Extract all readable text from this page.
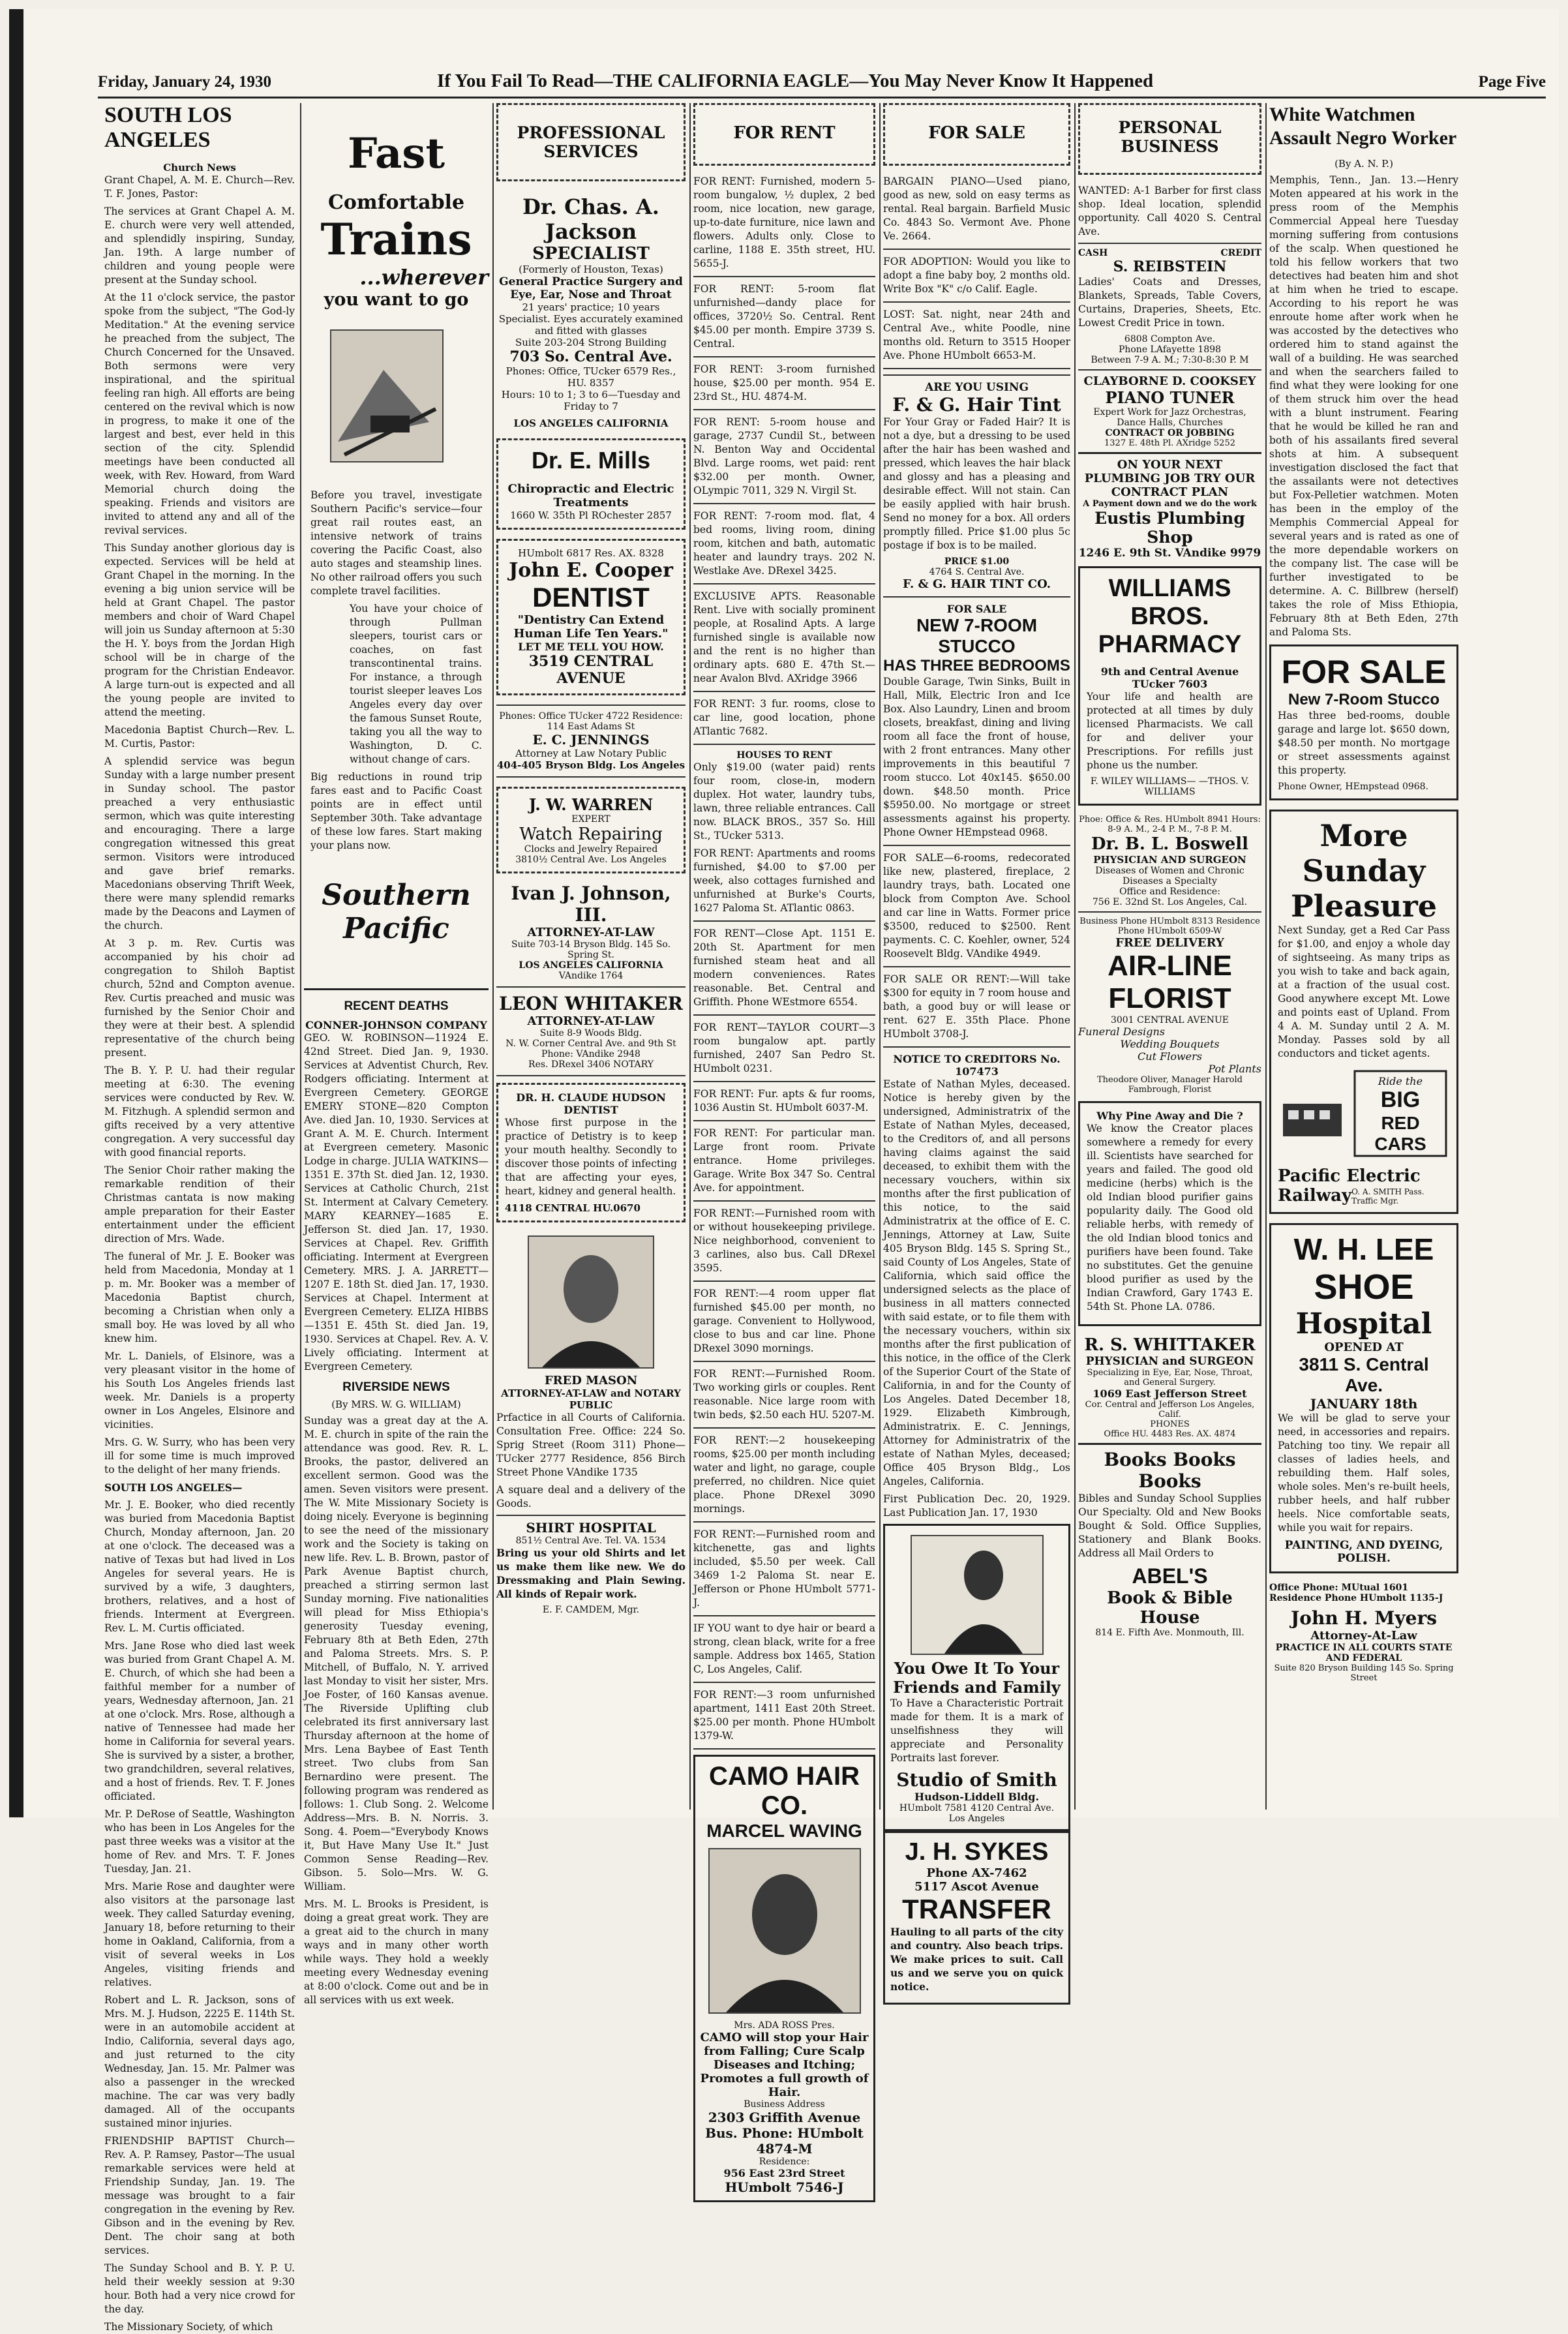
Friday, January 24, 1930	If You Fail To Read—THE CALIFORNIA EAGLE—You May Never Know It Happened	Page Five
SOUTH LOS ANGELES
Church News

Grant Chapel, A. M. E. Church—Rev. T. F. Jones, Pastor:

The services at Grant Chapel A. M. E. church were very well attended, and splendidly inspiring, Sunday, Jan. 19th. A large number of children and young people were present at the Sunday school.

At the 11 o'clock service, the pastor spoke from the subject, "The God-ly Meditation." At the evening service he preached from the subject, The Church Concerned for the Unsaved. Both sermons were very inspirational, and the spiritual feeling ran high. All efforts are being centered on the revival which is now in progress, to make it one of the largest and best, ever held in this section of the city. Splendid meetings have been conducted all week, with Rev. Howard, from Ward Memorial church doing the speaking. Friends and visitors are invited to attend any and all of the revival services.

This Sunday another glorious day is expected. Services will be held at Grant Chapel in the morning. In the evening a big union service will be held at Grant Chapel. The pastor members and choir of Ward Chapel will join us Sunday afternoon at 5:30 the H. Y. boys from the Jordan High school will be in charge of the program for the Christian Endeavor. A large turn-out is expected and all the young people are invited to attend the meeting.

Macedonia Baptist Church—Rev. L. M. Curtis, Pastor:

A splendid service was begun Sunday with a large number present in Sunday school. The pastor preached a very enthusiastic sermon, which was quite interesting and encouraging. There a large congregation witnessed this great sermon. Visitors were introduced and gave brief remarks. Macedonians observing Thrift Week, there were many splendid remarks made by the Deacons and Laymen of the church.

At 3 p. m. Rev. Curtis was accompanied by his choir ad congregation to Shiloh Baptist church, 52nd and Compton avenue. Rev. Curtis preached and music was furnished by the Senior Choir and they were at their best. A splendid representative of the church being present.

The B. Y. P. U. had their regular meeting at 6:30. The evening services were conducted by Rev. W. M. Fitzhugh. A splendid sermon and gifts received by a very attentive congregation. A very successful day with good financial reports.

The Senior Choir rather making the remarkable rendition of their Christmas cantata is now making ample preparation for their Easter entertainment under the efficient direction of Mrs. Wade.

The funeral of Mr. J. E. Booker was held from Macedonia, Monday at 1 p. m. Mr. Booker was a member of Macedonia Baptist church, becoming a Christian when only a small boy. He was loved by all who knew him.

Mr. L. Daniels, of Elsinore, was a very pleasant visitor in the home of his South Los Angeles friends last week. Mr. Daniels is a property owner in Los Angeles, Elsinore and vicinities.

Mrs. G. W. Surry, who has been very ill for some time is much improved to the delight of her many friends.

SOUTH LOS ANGELES—

Mr. J. E. Booker, who died recently was buried from Macedonia Baptist Church, Monday afternoon, Jan. 20 at one o'clock. The deceased was a native of Texas but had lived in Los Angeles for several years. He is survived by a wife, 3 daughters, brothers, relatives, and a host of friends. Interment at Evergreen. Rev. L. M. Curtis officiated.

Mrs. Jane Rose who died last week was buried from Grant Chapel A. M. E. Church, of which she had been a faithful member for a number of years, Wednesday afternoon, Jan. 21 at one o'clock. Mrs. Rose, although a native of Tennessee had made her home in California for several years. She is survived by a sister, a brother, two grandchildren, several relatives, and a host of friends. Rev. T. F. Jones officiated.

Mr. P. DeRose of Seattle, Washington who has been in Los Angeles for the past three weeks was a visitor at the home of Rev. and Mrs. T. F. Jones Tuesday, Jan. 21.

Mrs. Marie Rose and daughter were also visitors at the parsonage last week. They called Saturday evening, January 18, before returning to their home in Oakland, California, from a visit of several weeks in Los Angeles, visiting friends and relatives.

Robert and L. R. Jackson, sons of Mrs. M. J. Hudson, 2225 E. 114th St. were in an automobile accident at Indio, California, several days ago, and just returned to the city Wednesday, Jan. 15. Mr. Palmer was also a passenger in the wrecked machine. The car was very badly damaged. All of the occupants sustained minor injuries.

FRIENDSHIP BAPTIST Church—Rev. A. P. Ramsey, Pastor—The usual remarkable services were held at Friendship Sunday, Jan. 19. The message was brought to a fair congregation in the evening by Rev. Gibson and in the evening by Rev. Dent. The choir sang at both services.

The Sunday School and B. Y. P. U. held their weekly session at 9:30 hour. Both had a very nice crowd for the day.

The Missionary Society, of which

Fast
Comfortable
Trains
...wherever
you want to go

Before you travel, investigate Southern Pacific's service—four great rail routes east, an intensive network of trains covering the Pacific Coast, also auto stages and steamship lines. No other railroad offers you such complete travel facilities.

You have your choice of through Pullman sleepers, tourist cars or coaches, on fast transcontinental trains. For instance, a through tourist sleeper leaves Los Angeles every day over the famous Sunset Route, taking you all the way to Washington, D. C. without change of cars.

Big reductions in round trip fares east and to Pacific Coast points are in effect until September 30th. Take advantage of these low fares. Start making your plans now.

Southern
Pacific
RECENT DEATHS
CONNER-JOHNSON COMPANY

GEO. W. ROBINSON—11924 E. 42nd Street. Died Jan. 9, 1930. Services at Adventist Church, Rev. Rodgers officiating. Interment at Evergreen Cemetery. GEORGE EMERY STONE—820 Compton Ave. died Jan. 10, 1930. Services at Grant A. M. E. Church. Interment at Evergreen cemetery. Masonic Lodge in charge. JULIA WATKINS—1351 E. 37th St. died Jan. 12, 1930. Services at Catholic Church, 21st St. Interment at Calvary Cemetery. MARY KEARNEY—1685 E. Jefferson St. died Jan. 17, 1930. Services at Chapel. Rev. Griffith officiating. Interment at Evergreen Cemetery. MRS. J. A. JARRETT—1207 E. 18th St. died Jan. 17, 1930. Services at Chapel. Interment at Evergreen Cemetery. ELIZA HIBBS—1351 E. 45th St. died Jan. 19, 1930. Services at Chapel. Rev. A. V. Lively officiating. Interment at Evergreen Cemetery.

RIVERSIDE NEWS
(By MRS. W. G. WILLIAM)

Sunday was a great day at the A. M. E. church in spite of the rain the attendance was good. Rev. R. L. Brooks, the pastor, delivered an excellent sermon. Good was the amen. Seven visitors were present. The W. Mite Missionary Society is doing nicely. Everyone is beginning to see the need of the missionary work and the Society is taking on new life. Rev. L. B. Brown, pastor of Park Avenue Baptist church, preached a stirring sermon last Sunday morning. Five nationalities will plead for Miss Ethiopia's generosity Tuesday evening, February 8th at Beth Eden, 27th and Paloma Streets. Mrs. S. P. Mitchell, of Buffalo, N. Y. arrived last Monday to visit her sister, Mrs. Joe Foster, of 160 Kansas avenue. The Riverside Uplifting club celebrated its first anniversary last Thursday afternoon at the home of Mrs. Lena Baybee of East Tenth street. Two clubs from San Bernardino were present. The following program was rendered as follows: 1. Club Song. 2. Welcome Address—Mrs. B. N. Norris. 3. Song. 4. Poem—"Everybody Knows it, But Have Many Use It." Just Common Sense Reading—Rev. Gibson. 5. Solo—Mrs. W. G. William.

Mrs. M. L. Brooks is President, is doing a great great work. They are a great aid to the church in many ways and in many other worth while ways. They hold a weekly meeting every Wednesday evening at 8:00 o'clock. Come out and be in all services with us ext week.

PROFESSIONAL
SERVICES
Dr. Chas. A. Jackson
SPECIALIST
(Formerly of Houston, Texas)
General Practice Surgery and Eye, Ear, Nose and Throat
21 years' practice; 10 years Specialist. Eyes accurately examined and fitted with glasses
Suite 203-204 Strong Building
703 So. Central Ave.
Phones: Office, TUcker 6579 Res., HU. 8357
Hours: 10 to 1; 3 to 6—Tuesday and Friday to 7
LOS ANGELES CALIFORNIA
Dr. E. Mills
Chiropractic and Electric Treatments
1660 W. 35th Pl ROchester 2857
HUmbolt 6817 Res. AX. 8328
John E. Cooper
DENTIST
"Dentistry Can Extend Human Life Ten Years."
LET ME TELL YOU HOW.
3519 CENTRAL AVENUE
Phones: Office TUcker 4722 Residence: 114 East Adams St
E. C. JENNINGS
Attorney at Law Notary Public
404-405 Bryson Bldg. Los Angeles
J. W. WARREN
EXPERT
Watch Repairing
Clocks and Jewelry Repaired
3810½ Central Ave. Los Angeles
Ivan J. Johnson, III.
ATTORNEY-AT-LAW
Suite 703-14 Bryson Bldg. 145 So. Spring St.
LOS ANGELES CALIFORNIA
VAndike 1764
LEON WHITAKER
ATTORNEY-AT-LAW
Suite 8-9 Woods Bldg.
N. W. Corner Central Ave. and 9th St Phone: VAndike 2948
Res. DRexel 3406 NOTARY
DR. H. CLAUDE HUDSON DENTIST

Whose first purpose in the practice of Detistry is to keep your mouth healthy. Secondly to discover those points of infecting that are affecting your eyes, heart, kidney and general health.

4118 CENTRAL HU.0670
FRED MASON
ATTORNEY-AT-LAW and NOTARY PUBLIC

Prfactice in all Courts of California. Consultation Free. Office: 224 So. Sprig Street (Room 311) Phone—TUcker 2777 Residence, 856 Birch Street Phone VAndike 1735

A square deal and a delivery of the Goods.

SHIRT HOSPITAL
851½ Central Ave. Tel. VA. 1534

Bring us your old Shirts and let us make them like new. We do Dressmaking and Plain Sewing. All kinds of Repair work.

E. F. CAMDEM, Mgr.
FOR RENT

FOR RENT: Furnished, modern 5-room bungalow, ½ duplex, 2 bed room, nice location, new garage, up-to-date furniture, nice lawn and flowers. Adults only. Close to carline, 1188 E. 35th street, HU. 5655-J.

FOR RENT: 5-room flat unfurnished—dandy place for offices, 3720½ So. Central. Rent $45.00 per month. Empire 3739 S. Central.

FOR RENT: 3-room furnished house, $25.00 per month. 954 E. 23rd St., HU. 4874-M.

FOR RENT: 5-room house and garage, 2737 Cundil St., between N. Benton Way and Occidental Blvd. Large rooms, wet paid: rent $32.00 per month. Owner, OLympic 7011, 329 N. Virgil St.

FOR RENT: 7-room mod. flat, 4 bed rooms, living room, dining room, kitchen and bath, automatic heater and laundry trays. 202 N. Westlake Ave. DRexel 3425.

EXCLUSIVE APTS. Reasonable Rent. Live with socially prominent people, at Rosalind Apts. A large furnished single is available now and the rent is no higher than ordinary apts. 680 E. 47th St.—near Avalon Blvd. AXridge 3966

FOR RENT: 3 fur. rooms, close to car line, good location, phone ATlantic 7682.

HOUSES TO RENT

Only $19.00 (water paid) rents four room, close-in, modern duplex. Hot water, laundry tubs, lawn, three reliable entrances. Call now. BLACK BROS., 357 So. Hill St., TUcker 5313.

FOR RENT: Apartments and rooms furnished, $4.00 to $7.00 per week, also cottages furnished and unfurnished at Burke's Courts, 1627 Paloma St. ATlantic 0863.

FOR RENT—Close Apt. 1151 E. 20th St. Apartment for men furnished steam heat and all modern conveniences. Rates reasonable. Bet. Central and Griffith. Phone WEstmore 6554.

FOR RENT—TAYLOR COURT—3 room bungalow apt. partly furnished, 2407 San Pedro St. HUmbolt 0231.

FOR RENT: Fur. apts & fur rooms, 1036 Austin St. HUmbolt 6037-M.

FOR RENT: For particular man. Large front room. Private entrance. Home privileges. Garage. Write Box 347 So. Central Ave. for appointment.

FOR RENT:—Furnished room with or without housekeeping privilege. Nice neighborhood, convenient to 3 carlines, also bus. Call DRexel 3595.

FOR RENT:—4 room upper flat furnished $45.00 per month, no garage. Convenient to Hollywood, close to bus and car line. Phone DRexel 3090 mornings.

FOR RENT:—Furnished Room. Two working girls or couples. Rent reasonable. Nice large room with twin beds, $2.50 each HU. 5207-M.

FOR RENT:—2 housekeeping rooms, $25.00 per month including water and light, no garage, couple preferred, no children. Nice quiet place. Phone DRexel 3090 mornings.

FOR RENT:—Furnished room and kitchenette, gas and lights included, $5.50 per week. Call 3469 1-2 Paloma St. near E. Jefferson or Phone HUmbolt 5771-J.

IF YOU want to dye hair or beard a strong, clean black, write for a free sample. Address box 1465, Station C, Los Angeles, Calif.

FOR RENT:—3 room unfurnished apartment, 1411 East 20th Street. $25.00 per month. Phone HUmbolt 1379-W.

CAMO HAIR CO.
MARCEL WAVING
Mrs. ADA ROSS Pres.
CAMO will stop your Hair from Falling; Cure Scalp Diseases and Itching; Promotes a full growth of Hair.
Business Address
2303 Griffith Avenue
Bus. Phone: HUmbolt 4874-M
Residence:
956 East 23rd Street
HUmbolt 7546-J
FOR SALE

BARGAIN PIANO—Used piano, good as new, sold on easy terms as rental. Real bargain. Barfield Music Co. 4843 So. Vermont Ave. Phone Ve. 2664.

FOR ADOPTION: Would you like to adopt a fine baby boy, 2 months old. Write Box "K" c/o Calif. Eagle.

LOST: Sat. night, near 24th and Central Ave., white Poodle, nine months old. Return to 3515 Hooper Ave. Phone HUmbolt 6653-M.

ARE YOU USING
F. & G. Hair Tint

For Your Gray or Faded Hair? It is not a dye, but a dressing to be used after the hair has been washed and pressed, which leaves the hair black and glossy and has a pleasing and desirable effect. Will not stain. Can be easily applied with hair brush. Send no money for a box. All orders promptly filled. Price $1.00 plus 5c postage if box is to be mailed.

PRICE $1.00
4764 S. Central Ave.
F. & G. HAIR TINT CO.
FOR SALE
NEW 7-ROOM STUCCO
HAS THREE BEDROOMS

Double Garage, Twin Sinks, Built in Hall, Milk, Electric Iron and Ice Box. Also Laundry, Linen and broom closets, breakfast, dining and living room all face the front of house, with 2 front entrances. Many other improvements in this beautiful 7 room stucco. Lot 40x145. $650.00 down. $48.50 month. Price $5950.00. No mortgage or street assessments against his property. Phone Owner HEmpstead 0968.

FOR SALE—6-rooms, redecorated like new, plastered, fireplace, 2 laundry trays, bath. Located one block from Compton Ave. School and car line in Watts. Former price $3500, reduced to $2500. Rent payments. C. C. Koehler, owner, 524 Roosevelt Bldg. VAndike 4949.

FOR SALE OR RENT:—Will take $300 for equity in 7 room house and bath, a good buy or will lease or rent. 627 E. 35th Place. Phone HUmbolt 3708-J.

NOTICE TO CREDITORS No. 107473

Estate of Nathan Myles, deceased. Notice is hereby given by the undersigned, Administratrix of the Estate of Nathan Myles, deceased, to the Creditors of, and all persons having claims against the said deceased, to exhibit them with the necessary vouchers, within six months after the first publication of this notice, to the said Administratrix at the office of E. C. Jennings, Attorney at Law, Suite 405 Bryson Bldg. 145 S. Spring St., said County of Los Angeles, State of California, which said office the undersigned selects as the place of business in all matters connected with said estate, or to file them with the necessary vouchers, within six months after the first publication of this notice, in the office of the Clerk of the Superior Court of the State of California, in and for the County of Los Angeles. Dated December 18, 1929. Elizabeth Kimbrough, Administratrix. E. C. Jennings, Attorney for Administratrix of the estate of Nathan Myles, deceased; Office 405 Bryson Bldg., Los Angeles, California.

First Publication Dec. 20, 1929. Last Publication Jan. 17, 1930

You Owe It To Your Friends and Family

To Have a Characteristic Portrait made for them. It is a mark of unselfishness they will appreciate and Personality Portraits last forever.

Studio of Smith
Hudson-Liddell Bldg.
HUmbolt 7581 4120 Central Ave. Los Angeles
J. H. SYKES
Phone AX-7462
5117 Ascot Avenue
TRANSFER

Hauling to all parts of the city and country. Also beach trips. We make prices to suit. Call us and we serve you on quick notice.

PERSONAL
BUSINESS

WANTED: A-1 Barber for first class shop. Ideal location, splendid opportunity. Call 4020 S. Central Ave.

CASH	CREDIT
S. REIBSTEIN

Ladies' Coats and Dresses, Blankets, Spreads, Table Covers, Curtains, Draperies, Sheets, Etc. Lowest Credit Price in town.

6808 Compton Ave.
Phone LAfayette 1898
Between 7-9 A. M.; 7:30-8:30 P. M
CLAYBORNE D. COOKSEY
PIANO TUNER
Expert Work for Jazz Orchestras, Dance Halls, Churches
CONTRACT OR JOBBING
1327 E. 48th Pl. AXridge 5252
ON YOUR NEXT PLUMBING JOB TRY OUR CONTRACT PLAN
A Payment down and we do the work
Eustis Plumbing Shop
1246 E. 9th St. VAndike 9979
WILLIAMS BROS.
PHARMACY
9th and Central Avenue
TUcker 7603

Your life and health are protected at all times by duly licensed Pharmacists. We call for and deliver your Prescriptions. For refills just phone us the number.

F. WILEY WILLIAMS— —THOS. V. WILLIAMS
Phoe: Office & Res. HUmbolt 8941 Hours: 8-9 A. M., 2-4 P. M., 7-8 P. M.
Dr. B. L. Boswell
PHYSICIAN AND SURGEON
Diseases of Women and Chronic Diseases a Specialty
Office and Residence:
756 E. 32nd St. Los Angeles, Cal.
Business Phone HUmbolt 8313 Residence Phone HUmbolt 6509-W
FREE DELIVERY
AIR-LINE
FLORIST
3001 CENTRAL AVENUE
Funeral Designs
Wedding Bouquets
Cut Flowers
Pot Plants
Theodore Oliver, Manager Harold Fambrough, Florist
Why Pine Away and Die ?

We know the Creator places somewhere a remedy for every ill. Scientists have searched for years and failed. The good old medicine (herbs) which is the old Indian blood purifier gains popularity daily. The Good old reliable herbs, with remedy of the old Indian blood tonics and purifiers have been found. Take no substitutes. Get the genuine blood purifier as used by the Indian Crawford, Gary 1743 E. 54th St. Phone LA. 0786.

R. S. WHITTAKER
PHYSICIAN and SURGEON
Specializing in Eye, Ear, Nose, Throat, and General Surgery.
1069 East Jefferson Street
Cor. Central and Jefferson Los Angeles, Calif.
PHONES
Office HU. 4483 Res. AX. 4874
Books Books Books

Bibles and Sunday School Supplies Our Specialty. Old and New Books Bought & Sold. Office Supplies, Stationery and Blank Books. Address all Mail Orders to

ABEL'S
Book & Bible House
814 E. Fifth Ave. Monmouth, Ill.
White Watchmen Assault Negro Worker
(By A. N. P.)

Memphis, Tenn., Jan. 13.—Henry Moten appeared at his work in the press room of the Memphis Commercial Appeal here Tuesday morning suffering from contusions of the scalp. When questioned he told his fellow workers that two detectives had beaten him and shot at him when he tried to escape. According to his report he was enroute home after work when he was accosted by the detectives who ordered him to stand against the wall of a building. He was searched and when the searchers failed to find what they were looking for one of them struck him over the head with a blunt instrument. Fearing that he would be killed he ran and both of his assailants fired several shots at him. A subsequent investigation disclosed the fact that the assailants were not detectives but Fox-Pelletier watchmen. Moten has been in the employ of the Memphis Commercial Appeal for several years and is rated as one of the more dependable workers on the company list. The case will be further investigated to be determine. A. C. Billbrew (herself) takes the role of Miss Ethiopia, February 8th at Beth Eden, 27th and Paloma Sts.

FOR SALE
New 7-Room Stucco

Has three bed-rooms, double garage and large lot. $650 down, $48.50 per month. No mortgage or street assessments against this property.

Phone Owner, HEmpstead 0968.
More
Sunday
Pleasure

Next Sunday, get a Red Car Pass for $1.00, and enjoy a whole day of sightseeing. As many trips as you wish to take and back again, at a fraction of the usual cost. Good anywhere except Mt. Lowe and points east of Upland. From 4 A. M. Sunday until 2 A. M. Monday. Passes sold by all conductors and ticket agents.

Ride the
BIG
RED CARS
Pacific Electric
Railway O. A. SMITH Pass. Traffic Mgr.
W. H. LEE
SHOE
Hospital
OPENED AT
3811 S. Central Ave.
JANUARY 18th

We will be glad to serve your need, in accessories and repairs. Patching too tiny. We repair all classes of ladies heels, and rebuilding them. Half soles, whole soles. Men's re-built heels, rubber heels, and half rubber heels. Nice comfortable seats, while you wait for repairs.

PAINTING, AND DYEING, POLISH.
Office Phone: MUtual 1601 Residence Phone HUmbolt 1135-J
John H. Myers
Attorney-At-Law
PRACTICE IN ALL COURTS STATE AND FEDERAL
Suite 820 Bryson Building 145 So. Spring Street
